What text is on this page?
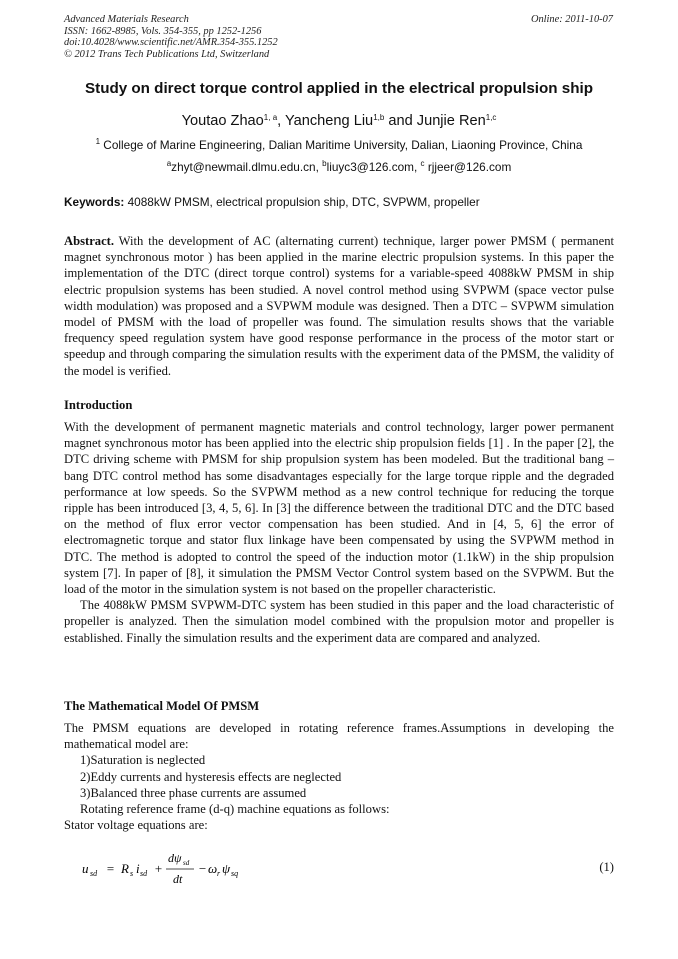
Advanced Materials Research
ISSN: 1662-8985, Vols. 354-355, pp 1252-1256
doi:10.4028/www.scientific.net/AMR.354-355.1252
© 2012 Trans Tech Publications Ltd, Switzerland
Online: 2011-10-07
Study on direct torque control applied in the electrical propulsion ship
Youtao Zhao$^{1, a}$, Yancheng Liu$^{1,b}$ and Junjie Ren$^{1,c}$
$^1$ College of Marine Engineering, Dalian Maritime University, Dalian, Liaoning Province, China
$^a$zhyt@newmail.dlmu.edu.cn, $^b$liuyc3@126.com, $^c$ rjjeer@126.com
Keywords: 4088kW PMSM, electrical propulsion ship, DTC, SVPWM, propeller
Abstract. With the development of AC (alternating current) technique, larger power PMSM ( permanent magnet synchronous motor ) has been applied in the marine electric propulsion systems. In this paper the implementation of the DTC (direct torque control) systems for a variable-speed 4088kW PMSM in ship electric propulsion systems has been studied. A novel control method using SVPWM (space vector pulse width modulation) was proposed and a SVPWM module was designed. Then a DTC – SVPWM simulation model of PMSM with the load of propeller was found. The simulation results shows that the variable frequency speed regulation system have good response performance in the process of the motor start or speedup and through comparing the simulation results with the experiment data of the PMSM, the validity of the model is verified.
Introduction

With the development of permanent magnetic materials and control technology, larger power permanent magnet synchronous motor has been applied into the electric ship propulsion fields [1] . In the paper [2], the DTC driving scheme with PMSM for ship propulsion system has been modeled. But the traditional bang – bang DTC control method has some disadvantages especially for the large torque ripple and the degraded performance at low speeds. So the SVPWM method as a new control technique for reducing the torque ripple has been introduced [3, 4, 5, 6]. In [3] the difference between the traditional DTC and the DTC based on the method of flux error vector compensation has been studied. And in [4, 5, 6] the error of electromagnetic torque and stator flux linkage have been compensated by using the SVPWM method in DTC. The method is adopted to control the speed of the induction motor (1.1kW) in the ship propulsion system [7]. In paper of [8], it simulation the PMSM Vector Control system based on the SVPWM. But the load of the motor in the simulation system is not based on the propeller characteristic.

The 4088kW PMSM SVPWM-DTC system has been studied in this paper and the load characteristic of propeller is analyzed. Then the simulation model combined with the propulsion motor and propeller is established. Finally the simulation results and the experiment data are compared and analyzed.

The Mathematical Model Of PMSM

The PMSM equations are developed in rotating reference frames.Assumptions in developing the mathematical model are:

1)Saturation is neglected

2)Eddy currents and hysteresis effects are neglected

3)Balanced three phase currents are assumed

Rotating reference frame (d-q) machine equations as follows:

Stator voltage equations are:

u sd = R s i sd +
dψ sd
dt
− ω r ψ sq	(1)
